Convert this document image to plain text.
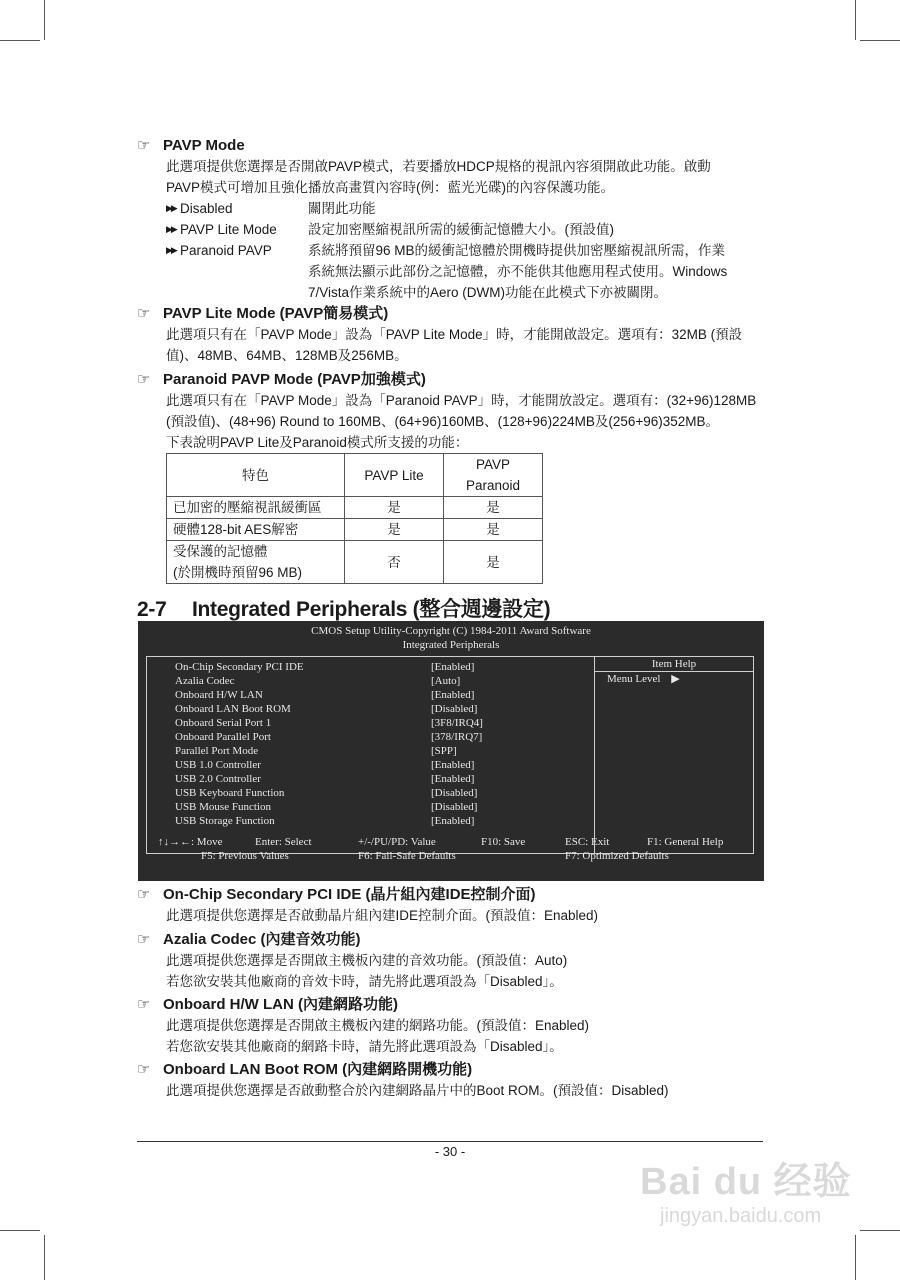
☞ PAVP Mode
此選項提供您選擇是否開啟PAVP模式，若要播放HDCP規格的視訊內容須開啟此功能。啟動
PAVP模式可增加且強化播放高畫質內容時(例：藍光光碟)的內容保護功能。
▶▶ Disabled	關閉此功能
▶▶ PAVP Lite Mode	設定加密壓縮視訊所需的緩衝記憶體大小。(預設值)
▶▶ Paranoid PAVP	系統將預留96 MB的緩衝記憶體於開機時提供加密壓縮視訊所需，作業
系統無法顯示此部份之記憶體，亦不能供其他應用程式使用。Windows
7/Vista作業系統中的Aero (DWM)功能在此模式下亦被關閉。
☞ PAVP Lite Mode (PAVP簡易模式)
此選項只有在「PAVP Mode」設為「PAVP Lite Mode」時，才能開啟設定。選項有：32MB (預設
值)、48MB、64MB、128MB及256MB。
☞ Paranoid PAVP Mode (PAVP加強模式)
此選項只有在「PAVP Mode」設為「Paranoid PAVP」時，才能開放設定。選項有：(32+96)128MB
(預設值)、(48+96) Round to 160MB、(64+96)160MB、(128+96)224MB及(256+96)352MB。
下表說明PAVP Lite及Paranoid模式所支援的功能：
特色	PAVP Lite	PAVP Paranoid
已加密的壓縮視訊緩衝區	是	是
硬體128-bit AES解密	是	是

受保護的記憶體
(於開機時預留96 MB)	否	是
2-7 Integrated Peripherals (整合週邊設定)
CMOS Setup Utility-Copyright (C) 1984-2011 Award Software
Integrated Peripherals
On-Chip Secondary PCI IDE	[Enabled]
Azalia Codec	[Auto]
Onboard H/W LAN	[Enabled]
Onboard LAN Boot ROM	[Disabled]
Onboard Serial Port 1	[3F8/IRQ4]
Onboard Parallel Port	[378/IRQ7]
Parallel Port Mode	[SPP]
USB 1.0 Controller	[Enabled]
USB 2.0 Controller	[Enabled]
USB Keyboard Function	[Disabled]
USB Mouse Function	[Disabled]
USB Storage Function	[Enabled]
Item Help
Menu Level ▶
↑↓→←: Move	Enter: Select	+/-/PU/PD: Value	F10: Save	ESC: Exit	F1: General Help
F5: Previous Values	F6: Fail-Safe Defaults	F7: Optimized Defaults
☞ On-Chip Secondary PCI IDE (晶片組內建IDE控制介面)
此選項提供您選擇是否啟動晶片組內建IDE控制介面。(預設值：Enabled)
☞ Azalia Codec (內建音效功能)
此選項提供您選擇是否開啟主機板內建的音效功能。(預設值：Auto)
若您欲安裝其他廠商的音效卡時，請先將此選項設為「Disabled」。
☞ Onboard H/W LAN (內建網路功能)
此選項提供您選擇是否開啟主機板內建的網路功能。(預設值：Enabled)
若您欲安裝其他廠商的網路卡時，請先將此選項設為「Disabled」。
☞ Onboard LAN Boot ROM (內建網路開機功能)
此選項提供您選擇是否啟動整合於內建網路晶片中的Boot ROM。(預設值：Disabled)
- 30 -
Bai du 经验
jingyan.baidu.com
